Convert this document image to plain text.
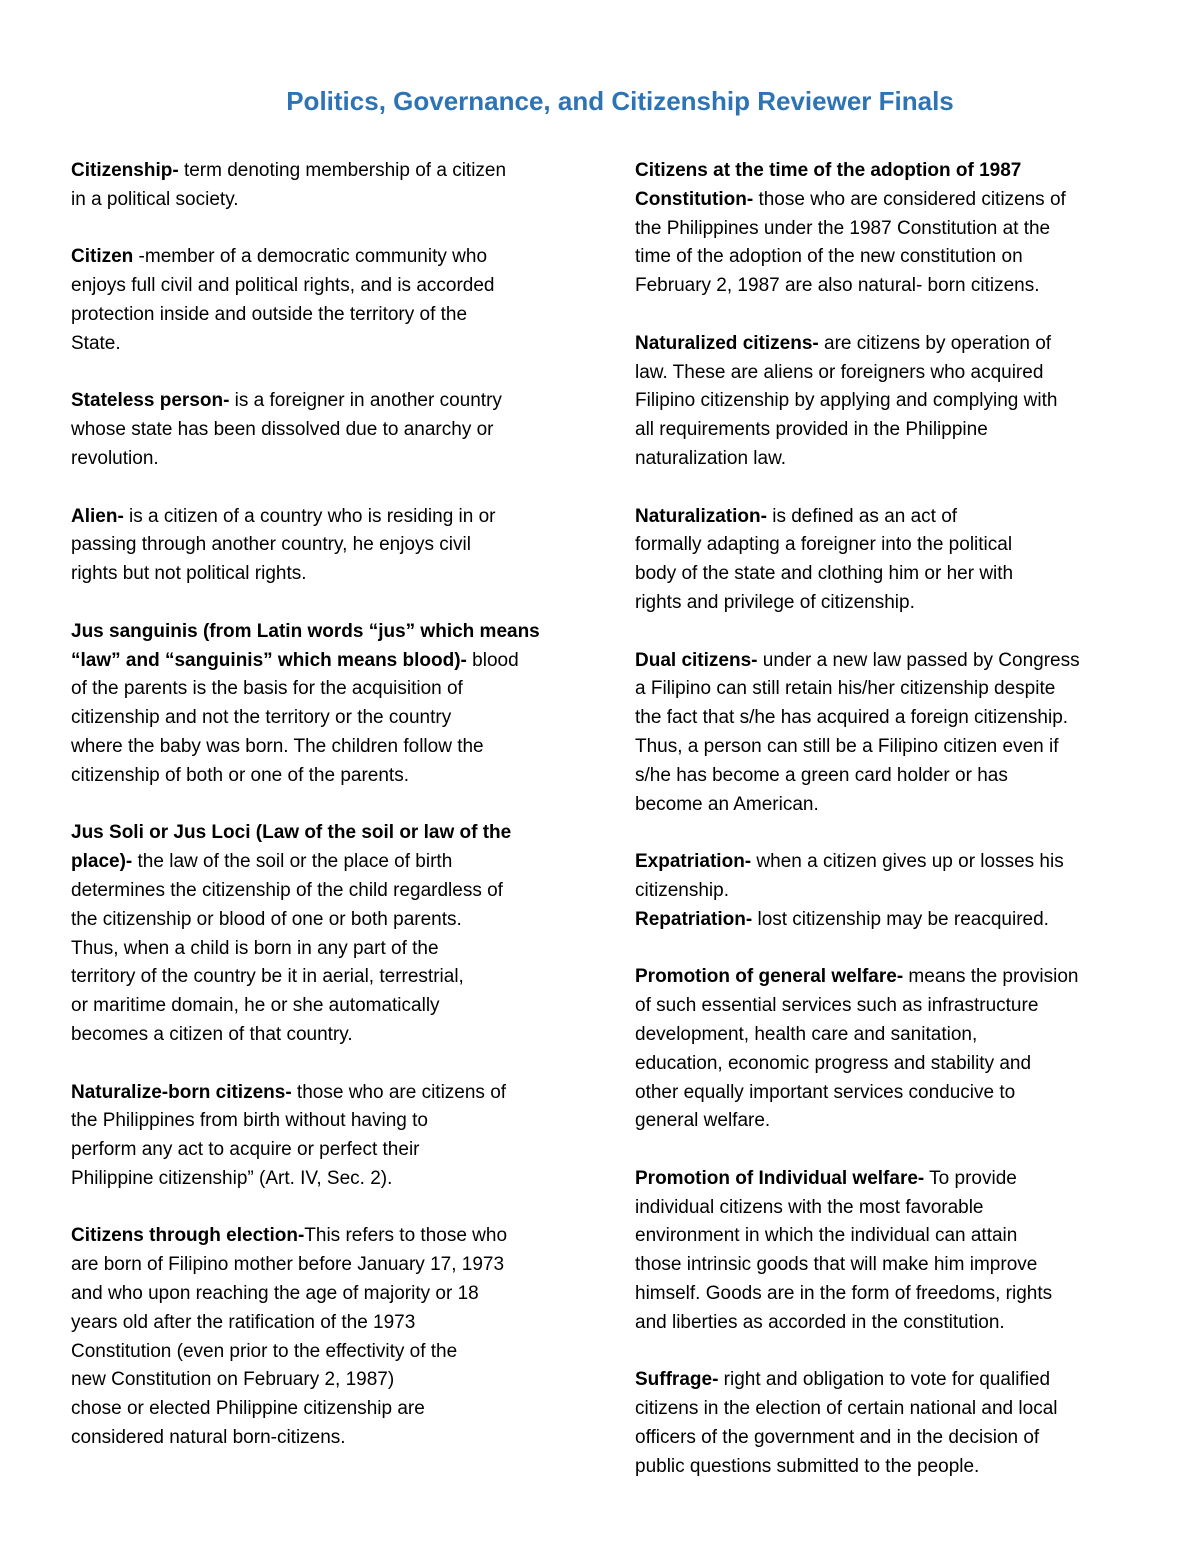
Politics, Governance, and Citizenship Reviewer Finals

Citizenship- term denoting membership of a citizen
in a political society.

Citizen -member of a democratic community who
enjoys full civil and political rights, and is accorded
protection inside and outside the territory of the
State.

Stateless person- is a foreigner in another country
whose state has been dissolved due to anarchy or
revolution.

Alien- is a citizen of a country who is residing in or
passing through another country, he enjoys civil
rights but not political rights.

Jus sanguinis (from Latin words “jus” which means
“law” and “sanguinis” which means blood)- blood
of the parents is the basis for the acquisition of
citizenship and not the territory or the country
where the baby was born. The children follow the
citizenship of both or one of the parents.

Jus Soli or Jus Loci (Law of the soil or law of the
place)- the law of the soil or the place of birth
determines the citizenship of the child regardless of
the citizenship or blood of one or both parents.
Thus, when a child is born in any part of the
territory of the country be it in aerial, terrestrial,
or maritime domain, he or she automatically
becomes a citizen of that country.

Naturalize-born citizens- those who are citizens of
the Philippines from birth without having to
perform any act to acquire or perfect their
Philippine citizenship” (Art. IV, Sec. 2).

Citizens through election-This refers to those who
are born of Filipino mother before January 17, 1973
and who upon reaching the age of majority or 18
years old after the ratification of the 1973
Constitution (even prior to the effectivity of the
new Constitution on February 2, 1987)
chose or elected Philippine citizenship are
considered natural born-citizens.

Citizens at the time of the adoption of 1987
Constitution- those who are considered citizens of
the Philippines under the 1987 Constitution at the
time of the adoption of the new constitution on
February 2, 1987 are also natural- born citizens.

Naturalized citizens- are citizens by operation of
law. These are aliens or foreigners who acquired
Filipino citizenship by applying and complying with
all requirements provided in the Philippine
naturalization law.

Naturalization- is defined as an act of
formally adapting a foreigner into the political
body of the state and clothing him or her with
rights and privilege of citizenship.

Dual citizens- under a new law passed by Congress
a Filipino can still retain his/her citizenship despite
the fact that s/he has acquired a foreign citizenship.
Thus, a person can still be a Filipino citizen even if
s/he has become a green card holder or has
become an American.

Expatriation- when a citizen gives up or losses his
citizenship.

Repatriation- lost citizenship may be reacquired.

Promotion of general welfare- means the provision
of such essential services such as infrastructure
development, health care and sanitation,
education, economic progress and stability and
other equally important services conducive to
general welfare.

Promotion of Individual welfare- To provide
individual citizens with the most favorable
environment in which the individual can attain
those intrinsic goods that will make him improve
himself. Goods are in the form of freedoms, rights
and liberties as accorded in the constitution.

Suffrage- right and obligation to vote for qualified
citizens in the election of certain national and local
officers of the government and in the decision of
public questions submitted to the people.
